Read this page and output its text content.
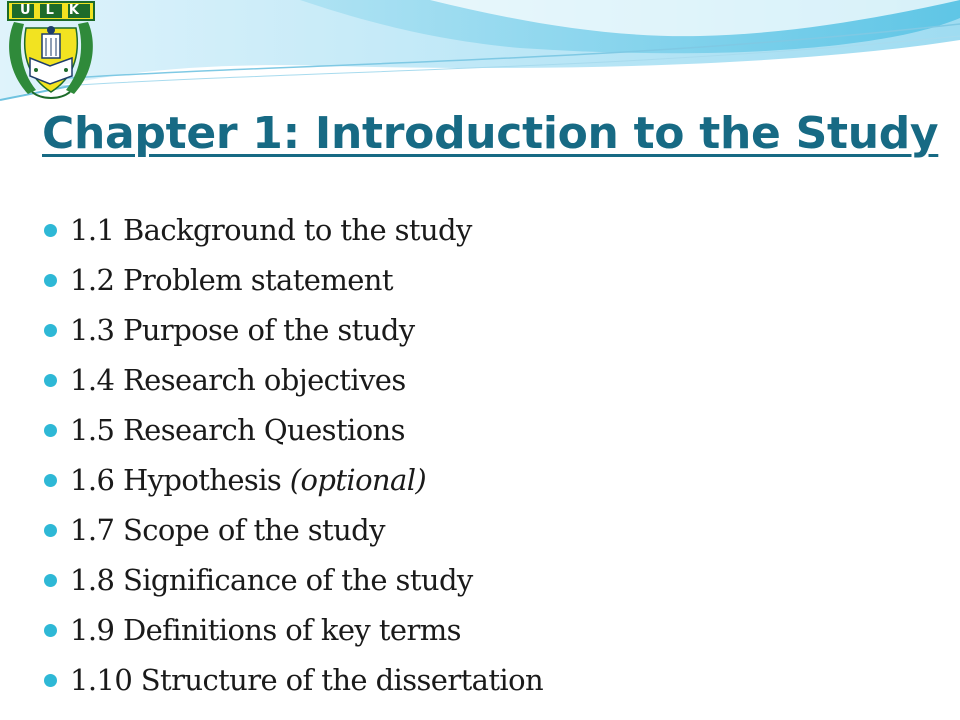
ULK
Chapter 1: Introduction to the Study
1.1 Background to the study
1.2 Problem statement
1.3 Purpose of the study
1.4 Research objectives
1.5 Research Questions
1.6 Hypothesis
(optional)
1.7 Scope of the study
1.8 Significance of the study
1.9 Definitions of key terms
1.10 Structure of the dissertation
